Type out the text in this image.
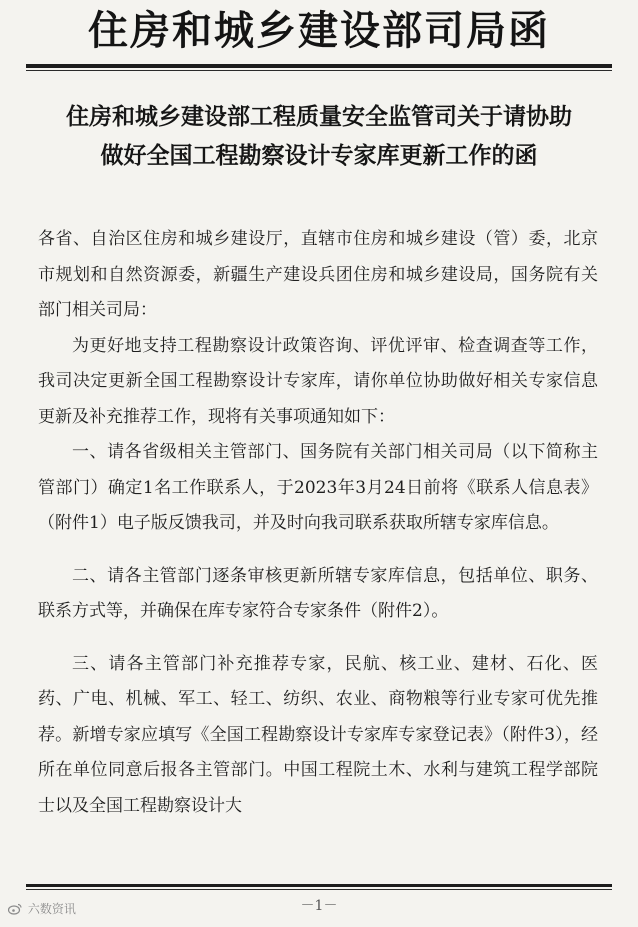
住房和城乡建设部司局函
住房和城乡建设部工程质量安全监管司关于请协助
做好全国工程勘察设计专家库更新工作的函

各省、自治区住房和城乡建设厅，直辖市住房和城乡建设（管）委，北京市规划和自然资源委，新疆生产建设兵团住房和城乡建设局，国务院有关部门相关司局：

为更好地支持工程勘察设计政策咨询、评优评审、检查调查等工作，我司决定更新全国工程勘察设计专家库，请你单位协助做好相关专家信息更新及补充推荐工作，现将有关事项通知如下：

一、请各省级相关主管部门、国务院有关部门相关司局（以下简称主管部门）确定1名工作联系人，于2023年3月24日前将《联系人信息表》（附件1）电子版反馈我司，并及时向我司联系获取所辖专家库信息。

二、请各主管部门逐条审核更新所辖专家库信息，包括单位、职务、联系方式等，并确保在库专家符合专家条件（附件2）。

三、请各主管部门补充推荐专家，民航、核工业、建材、石化、医药、广电、机械、军工、轻工、纺织、农业、商物粮等行业专家可优先推荐。新增专家应填写《全国工程勘察设计专家库专家登记表》（附件3），经所在单位同意后报各主管部门。中国工程院土木、水利与建筑工程学部院士以及全国工程勘察设计大

－1－
六数资讯
